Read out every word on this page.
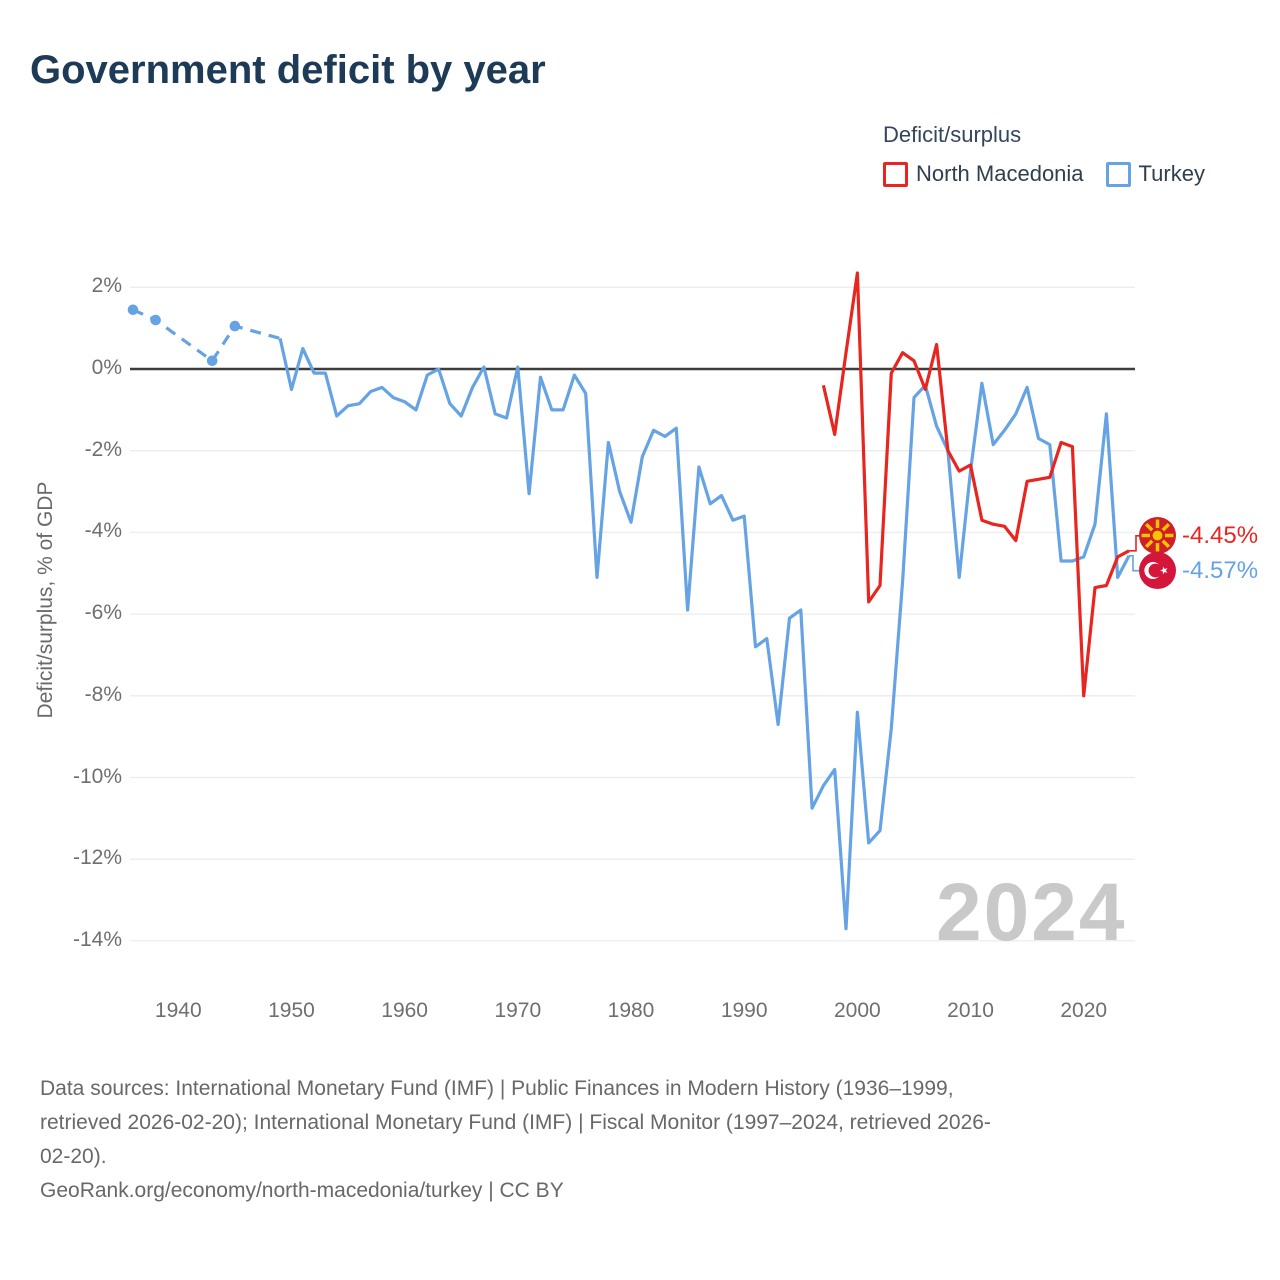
Government deficit by year
Deficit/surplus
North Macedonia	Turkey
Deficit/surplus, % of GDP
2024
-4.45%
-4.57%
2%
0%
-2%
-4%
-6%
-8%
-10%
-12%
-14%
1940	1950	1960	1970	1980	1990	2000	2010	2020
Data sources: International Monetary Fund (IMF) | Public Finances in Modern History (1936–1999,
retrieved 2026-02-20); International Monetary Fund (IMF) | Fiscal Monitor (1997–2024, retrieved 2026-
02-20).
GeoRank.org/economy/north-macedonia/turkey | CC BY
